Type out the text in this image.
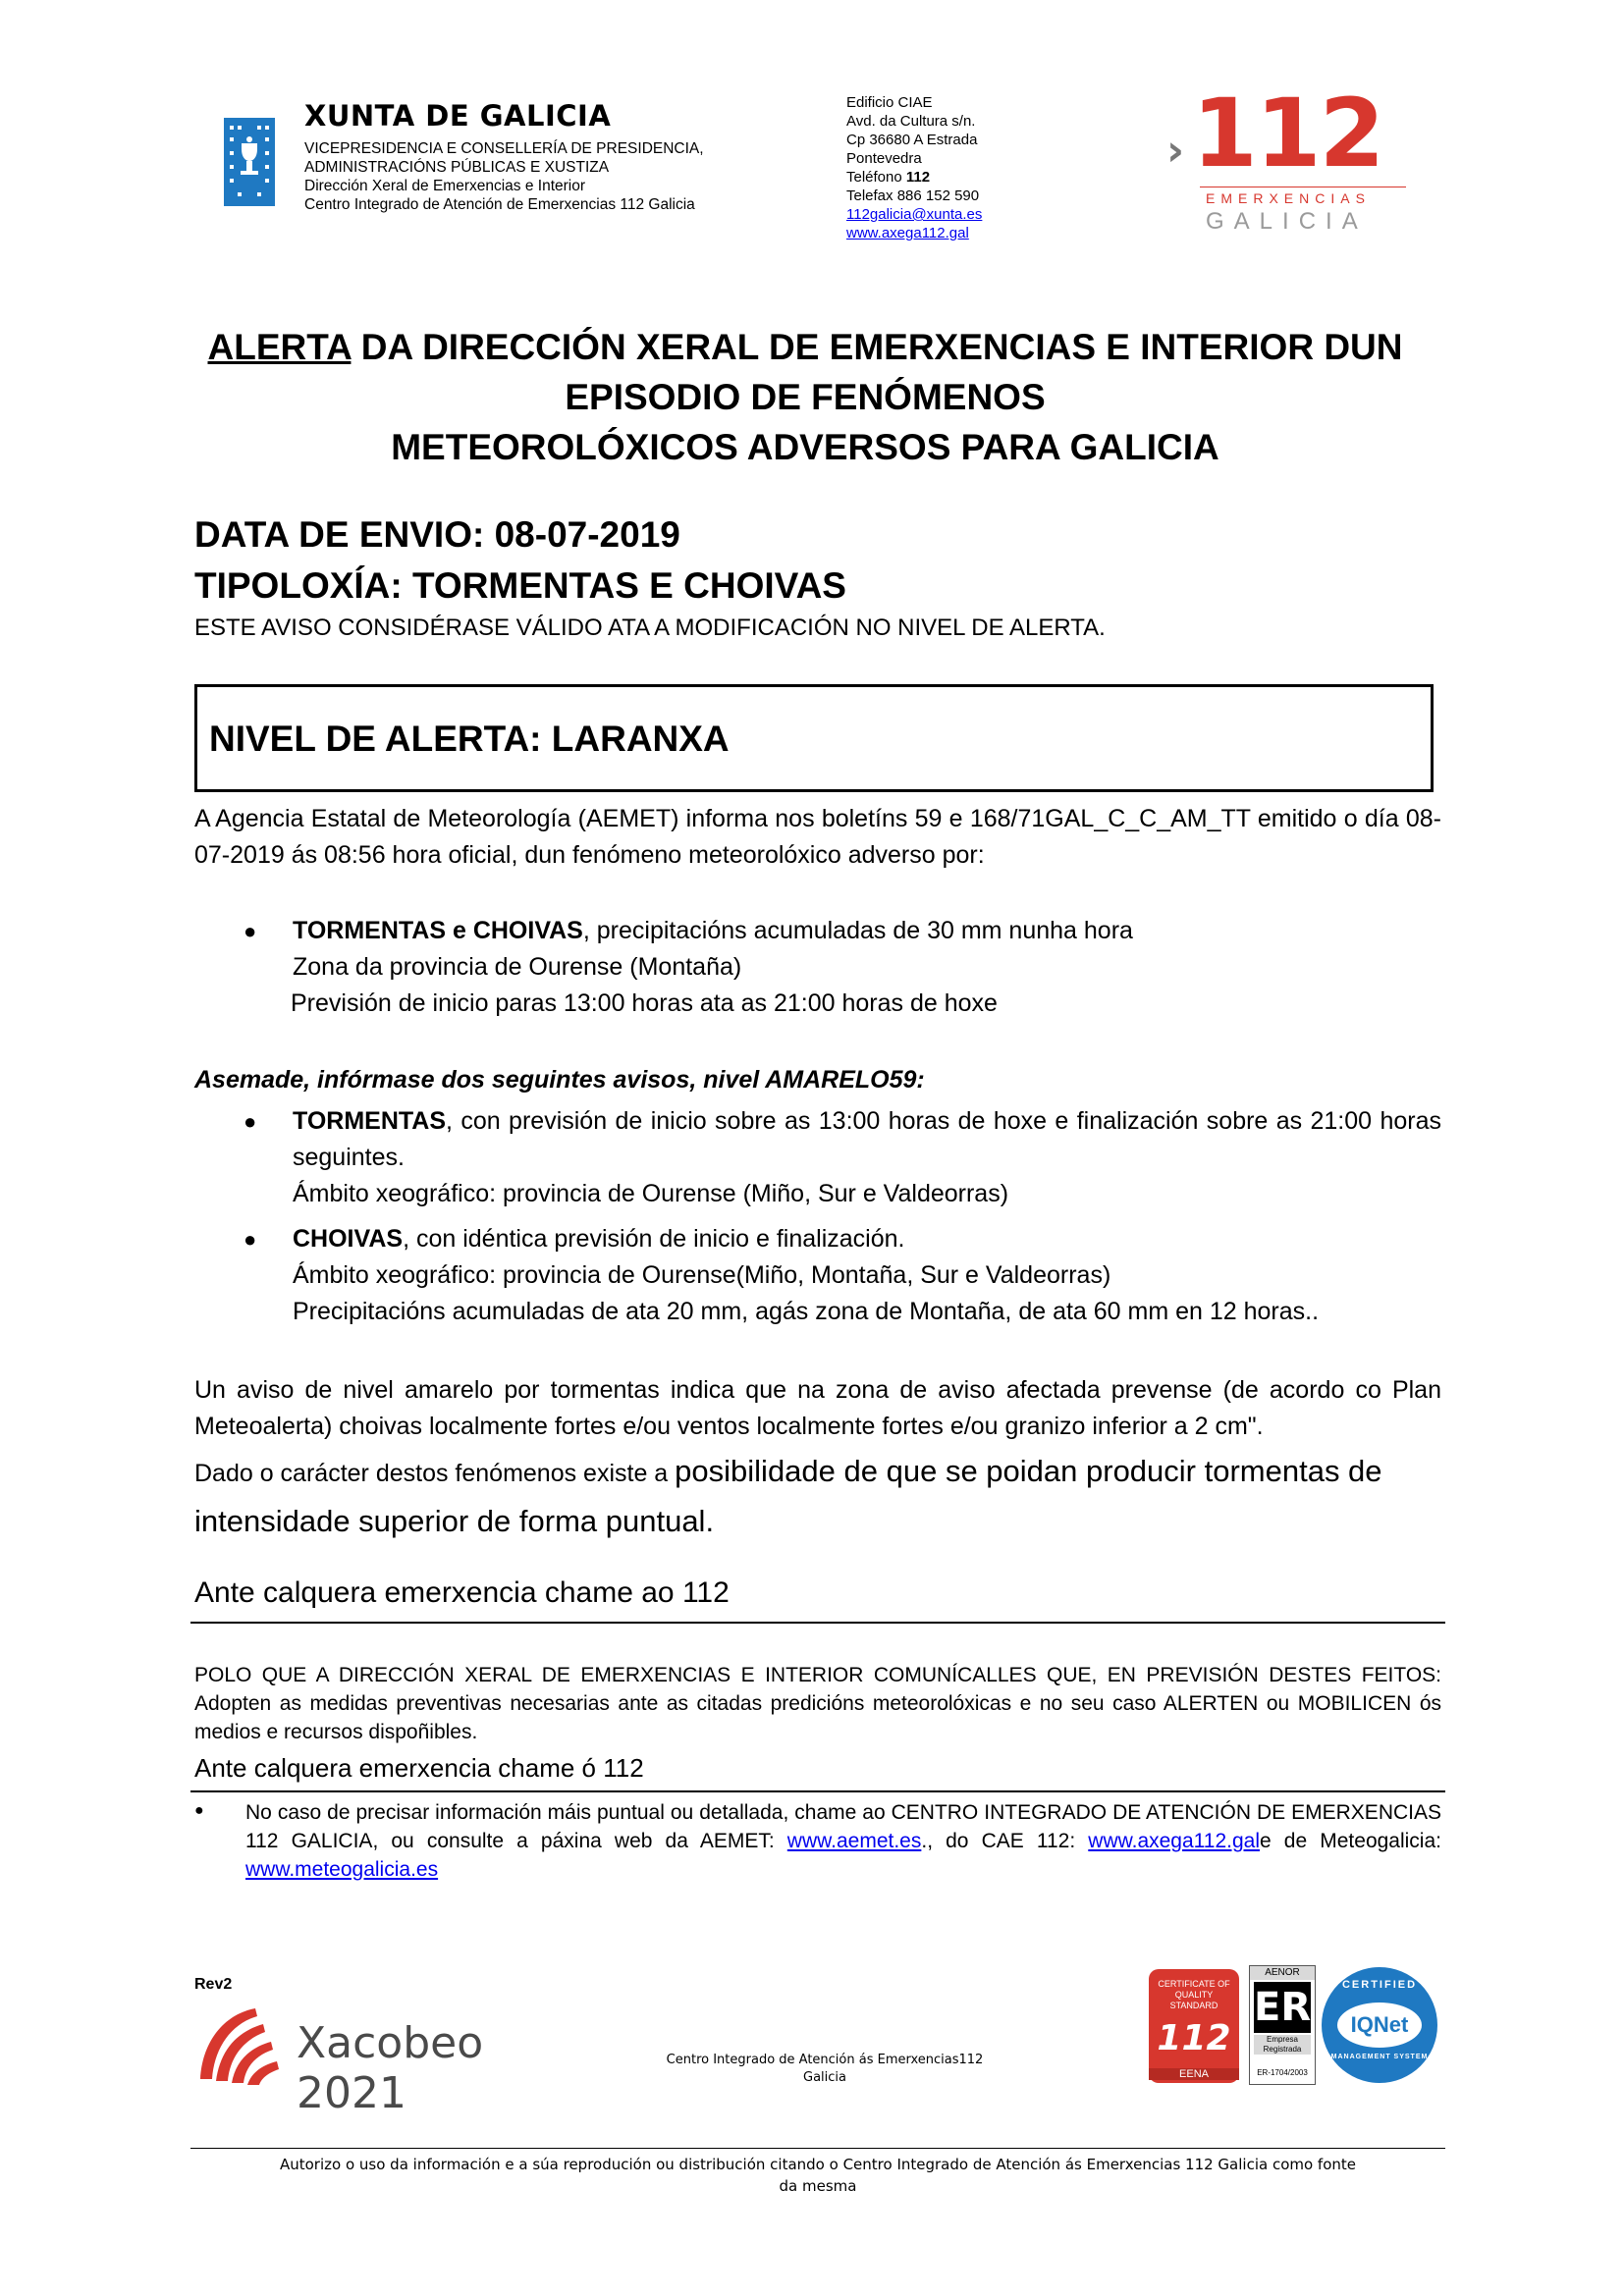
XUNTA DE GALICIA
VICEPRESIDENCIA E CONSELLERÍA DE PRESIDENCIA,
ADMINISTRACIÓNS PÚBLICAS E XUSTIZA
Dirección Xeral de Emerxencias e Interior
Centro Integrado de Atención de Emerxencias 112 Galicia
Edificio CIAE
Avd. da Cultura s/n.
Cp 36680 A Estrada
Pontevedra
Teléfono 112
Telefax 886 152 590
112galicia@xunta.es
www.axega112.gal
› 112
EMERXENCIAS
GALICIA
ALERTA DA DIRECCIÓN XERAL DE EMERXENCIAS E INTERIOR DUN
EPISODIO DE FENÓMENOS
METEOROLÓXICOS ADVERSOS PARA GALICIA
DATA DE ENVIO: 08-07-2019
TIPOLOXÍA: TORMENTAS E CHOIVAS
ESTE AVISO CONSIDÉRASE VÁLIDO ATA A MODIFICACIÓN NO NIVEL DE ALERTA.
NIVEL DE ALERTA: LARANXA
A Agencia Estatal de Meteorología (AEMET) informa nos boletíns 59 e 168/71GAL_C_C_AM_TT emitido o día 08-07-2019 ás 08:56 hora oficial, dun fenómeno meteorolóxico adverso por:
● TORMENTAS e CHOIVAS, precipitacións acumuladas de 30 mm nunha hora
Zona da provincia de Ourense (Montaña)
Previsión de inicio paras 13:00 horas ata as 21:00 horas de hoxe
Asemade, infórmase dos seguintes avisos, nivel AMARELO59:
● TORMENTAS, con previsión de inicio sobre as 13:00 horas de hoxe e finalización sobre as 21:00 horas seguintes.
Ámbito xeográfico: provincia de Ourense (Miño, Sur e Valdeorras)
● CHOIVAS, con idéntica previsión de inicio e finalización.
Ámbito xeográfico: provincia de Ourense(Miño, Montaña, Sur e Valdeorras)
Precipitacións acumuladas de ata 20 mm, agás zona de Montaña, de ata 60 mm en 12 horas..
Un aviso de nivel amarelo por tormentas indica que na zona de aviso afectada prevense (de acordo co Plan Meteoalerta) choivas localmente fortes e/ou ventos localmente fortes e/ou granizo inferior a 2 cm".
Dado o carácter destos fenómenos existe a posibilidade de que se poidan producir tormentas de intensidade superior de forma puntual.
Ante calquera emerxencia chame ao 112
POLO QUE A DIRECCIÓN XERAL DE EMERXENCIAS E INTERIOR COMUNÍCALLES QUE, EN PREVISIÓN DESTES FEITOS: Adopten as medidas preventivas necesarias ante as citadas predicións meteorolóxicas e no seu caso ALERTEN ou MOBILICEN ós medios e recursos dispoñibles.
Ante calquera emerxencia chame ó 112
● No caso de precisar información máis puntual ou detallada, chame ao CENTRO INTEGRADO DE ATENCIÓN DE EMERXENCIAS 112 GALICIA, ou consulte a páxina web da AEMET: www.aemet.es., do CAE 112: www.axega112.gale de Meteogalicia: www.meteogalicia.es
Rev2
Xacobeo 2021
Centro Integrado de Atención ás Emerxencias112
Galicia
CERTIFICATE OF QUALITY STANDARD
112
EENA
AENOR
ER
Empresa Registrada
ER-1704/2003
CERTIFIED
IQNet
MANAGEMENT SYSTEM
Autorizo o uso da información e a súa reprodución ou distribución citando o Centro Integrado de Atención ás Emerxencias 112 Galicia como fonte
da mesma
